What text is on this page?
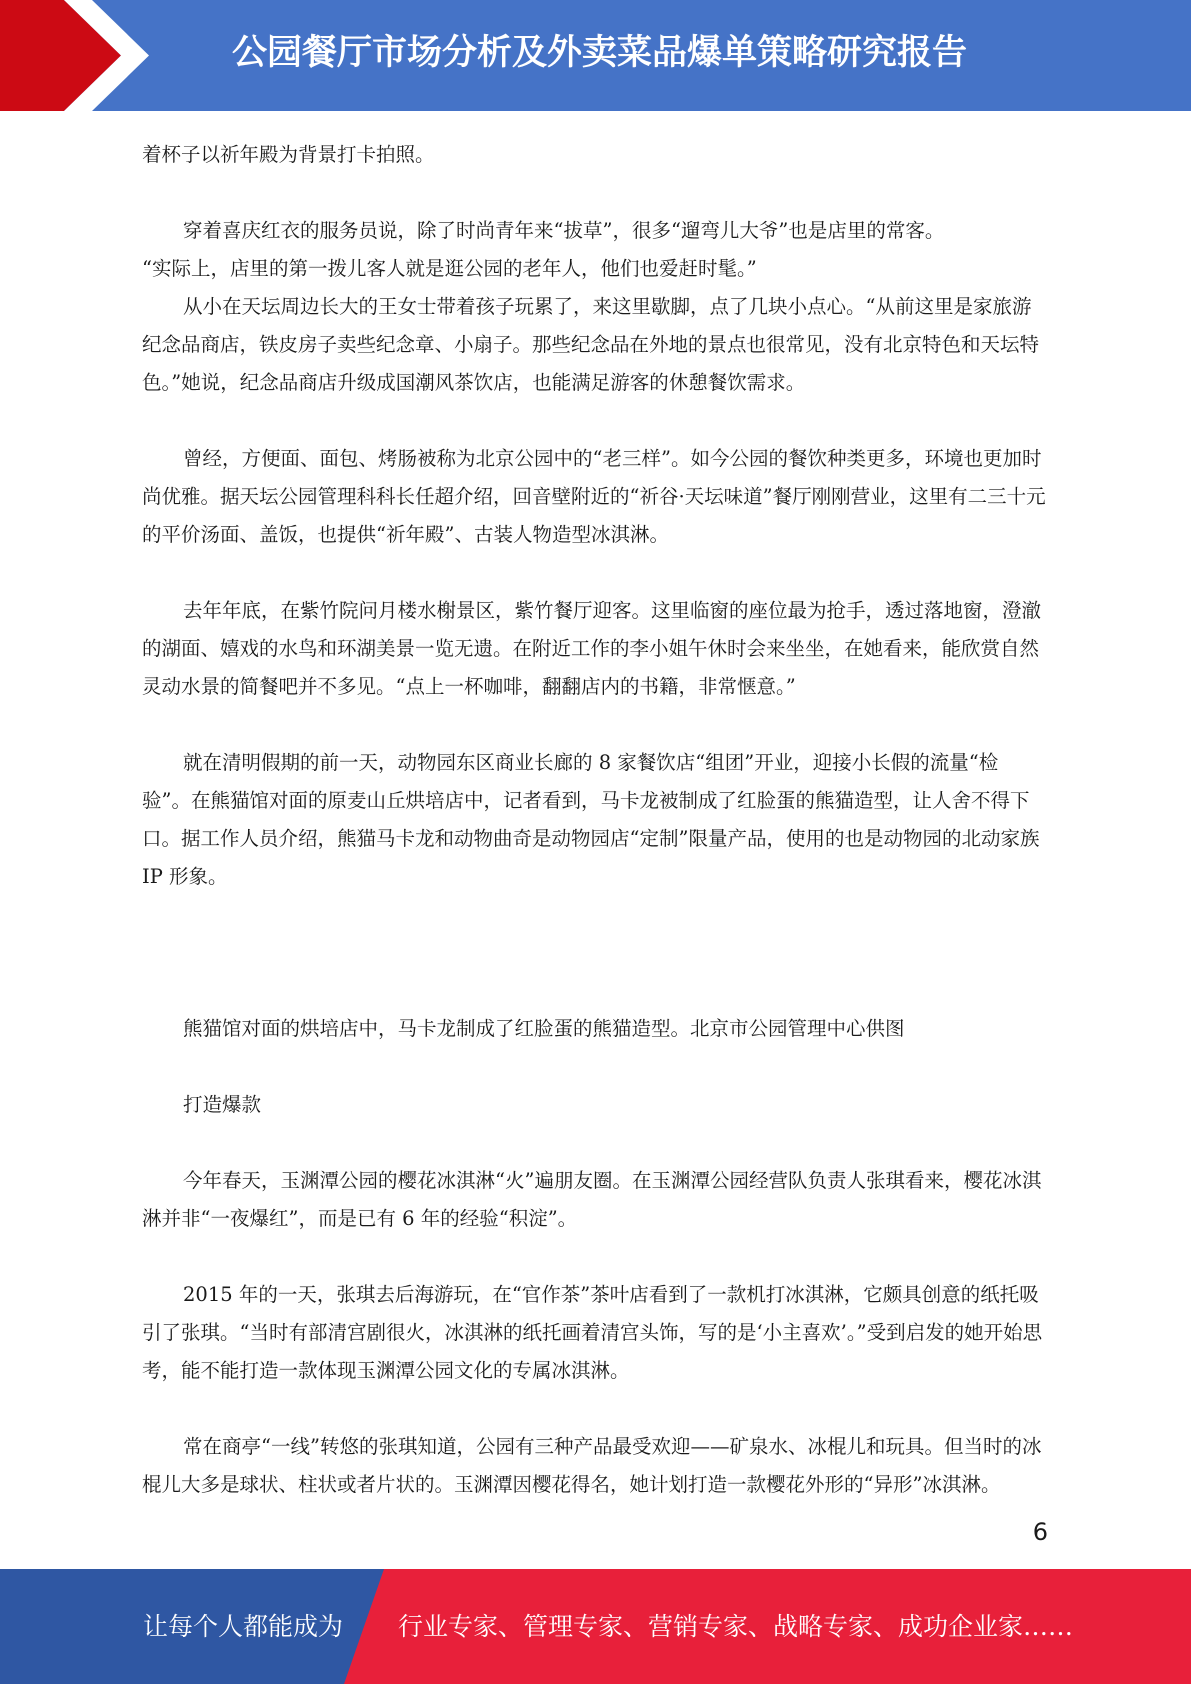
公园餐厅市场分析及外卖菜品爆单策略研究报告

着杯子以祈年殿为背景打卡拍照。

穿着喜庆红衣的服务员说，除了时尚青年来“拔草”，很多“遛弯儿大爷”也是店里的常客。

“实际上，店里的第一拨儿客人就是逛公园的老年人，他们也爱赶时髦。”

从小在天坛周边长大的王女士带着孩子玩累了，来这里歇脚，点了几块小点心。“从前这里是家旅游纪念品商店，铁皮房子卖些纪念章、小扇子。那些纪念品在外地的景点也很常见，没有北京特色和天坛特色。”她说，纪念品商店升级成国潮风茶饮店，也能满足游客的休憩餐饮需求。

曾经，方便面、面包、烤肠被称为北京公园中的“老三样”。如今公园的餐饮种类更多，环境也更加时尚优雅。据天坛公园管理科科长任超介绍，回音壁附近的“祈谷·天坛味道”餐厅刚刚营业，这里有二三十元的平价汤面、盖饭，也提供“祈年殿”、古装人物造型冰淇淋。

去年年底，在紫竹院问月楼水榭景区，紫竹餐厅迎客。这里临窗的座位最为抢手，透过落地窗，澄澈的湖面、嬉戏的水鸟和环湖美景一览无遗。在附近工作的李小姐午休时会来坐坐，在她看来，能欣赏自然灵动水景的简餐吧并不多见。“点上一杯咖啡，翻翻店内的书籍，非常惬意。”

就在清明假期的前一天，动物园东区商业长廊的 8 家餐饮店“组团”开业，迎接小长假的流量“检验”。在熊猫馆对面的原麦山丘烘培店中，记者看到，马卡龙被制成了红脸蛋的熊猫造型，让人舍不得下口。据工作人员介绍，熊猫马卡龙和动物曲奇是动物园店“定制”限量产品，使用的也是动物园的北动家族 IP 形象。

熊猫馆对面的烘培店中，马卡龙制成了红脸蛋的熊猫造型。北京市公园管理中心供图

打造爆款

今年春天，玉渊潭公园的樱花冰淇淋“火”遍朋友圈。在玉渊潭公园经营队负责人张琪看来，樱花冰淇淋并非“一夜爆红”，而是已有 6 年的经验“积淀”。

2015 年的一天，张琪去后海游玩，在“官作茶”茶叶店看到了一款机打冰淇淋，它颇具创意的纸托吸引了张琪。“当时有部清宫剧很火，冰淇淋的纸托画着清宫头饰，写的是‘小主喜欢’。”受到启发的她开始思考，能不能打造一款体现玉渊潭公园文化的专属冰淇淋。

常在商亭“一线”转悠的张琪知道，公园有三种产品最受欢迎——矿泉水、冰棍儿和玩具。但当时的冰棍儿大多是球状、柱状或者片状的。玉渊潭因樱花得名，她计划打造一款樱花外形的“异形”冰淇淋。

6
让每个人都能成为 行业专家、管理专家、营销专家、战略专家、成功企业家……
